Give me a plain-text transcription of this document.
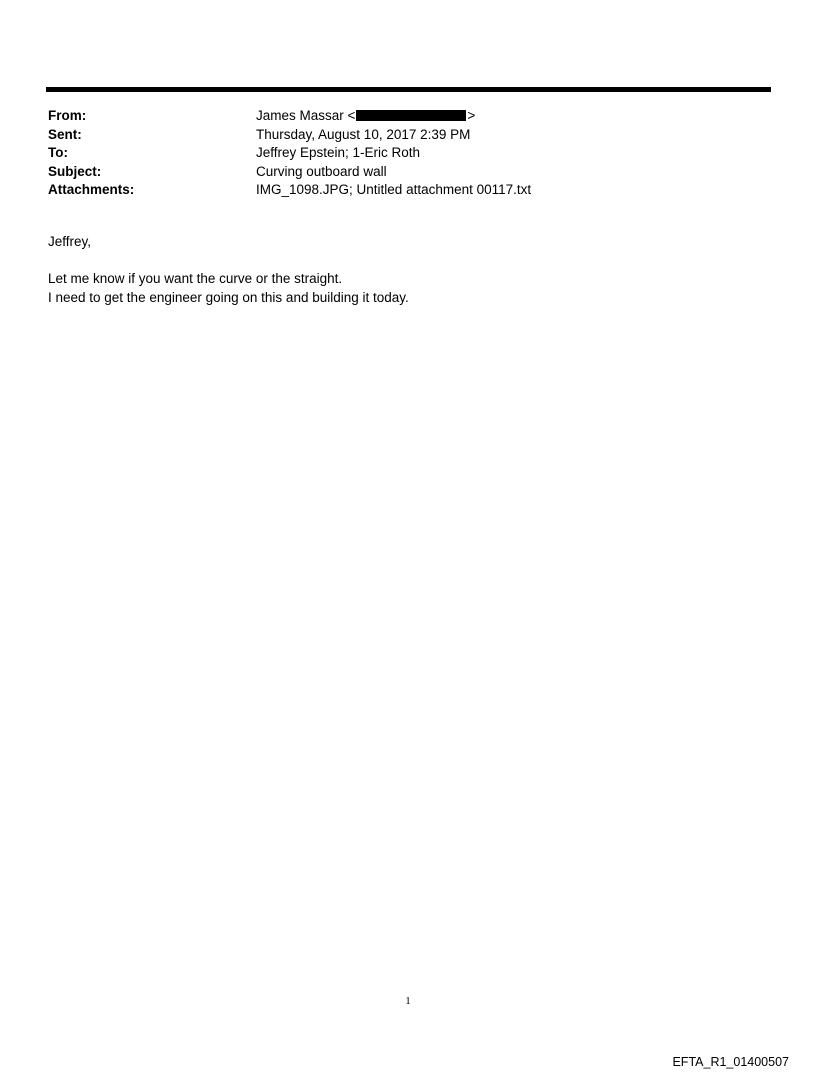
From:	James Massar <	>
Sent:	Thursday, August 10, 2017 2:39 PM
To:	Jeffrey Epstein; 1-Eric Roth
Subject:	Curving outboard wall
Attachments:	IMG_1098.JPG; Untitled attachment 00117.txt

Jeffrey,

Let me know if you want the curve or the straight.

I need to get the engineer going on this and building it today.

1
EFTA_R1_01400507
